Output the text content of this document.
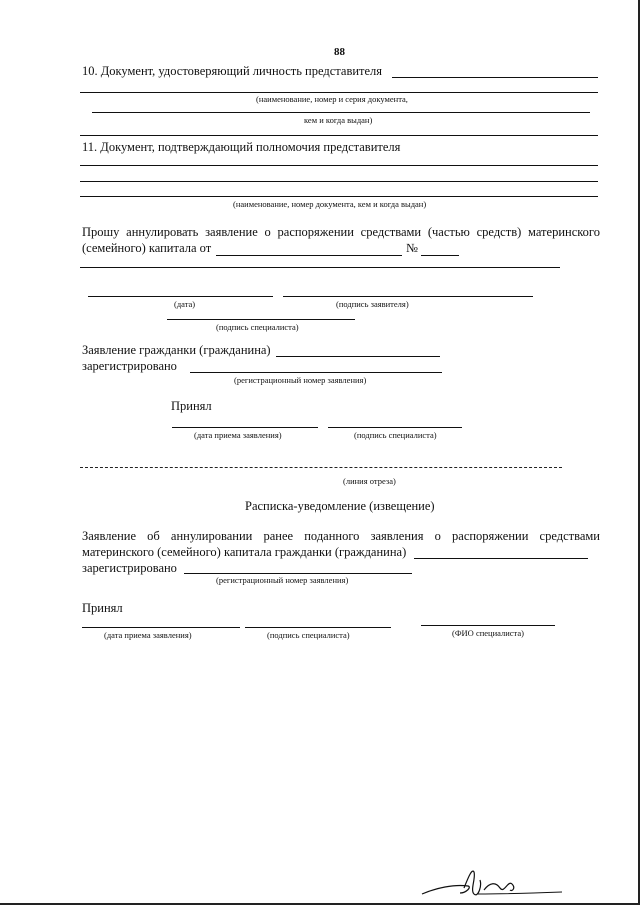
88
10. Документ, удостоверяющий личность представителя
(наименование, номер и серия документа,
кем и когда выдан)
11. Документ, подтверждающий полномочия представителя
(наименование, номер документа, кем и когда выдан)
Прошу аннулировать заявление о распоряжении средствами (частью средств) материнского
(семейного) капитала от	№
(дата)	(подпись заявителя)
(подпись специалиста)
Заявление гражданки (гражданина)
зарегистрировано
(регистрационный номер заявления)
Принял
(дата приема заявления)	(подпись специалиста)
(линия отреза)
Расписка-уведомление (извещение)
Заявление об аннулировании ранее поданного заявления о распоряжении средствами
материнского (семейного) капитала гражданки (гражданина)
зарегистрировано
(регистрационный номер заявления)
Принял
(дата приема заявления)	(подпись специалиста)	(ФИО специалиста)
